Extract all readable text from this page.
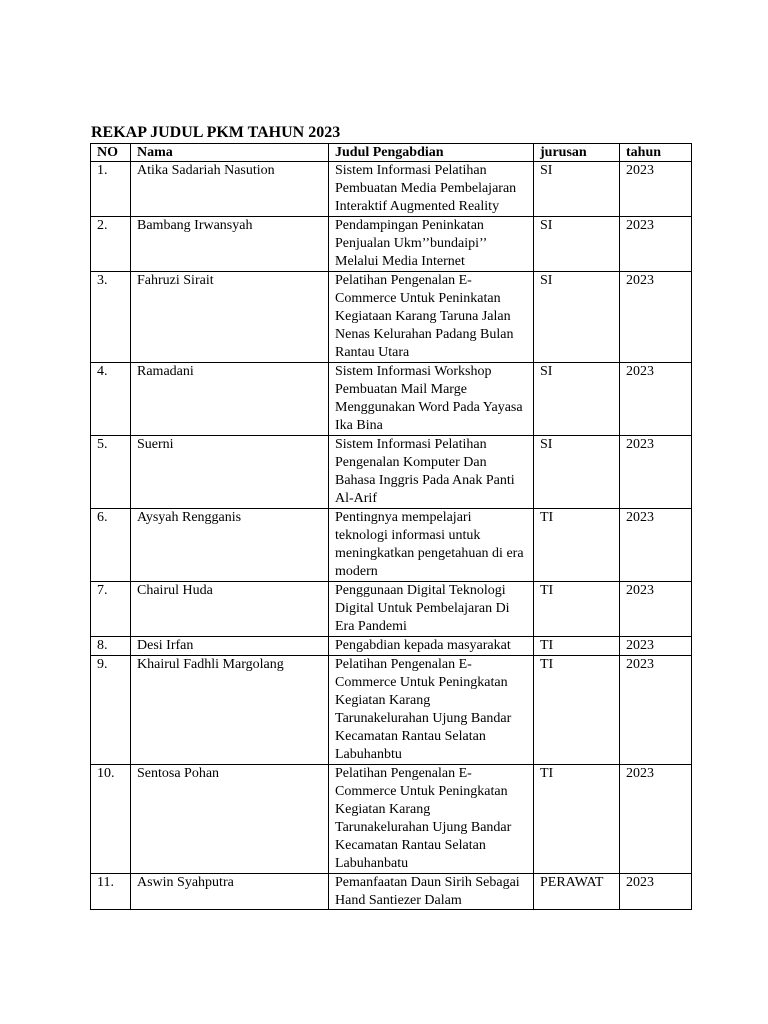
REKAP JUDUL PKM TAHUN 2023
NO	Nama	Judul Pengabdian	jurusan	tahun

1.	Atika Sadariah Nasution	Sistem Informasi Pelatihan Pembuatan Media Pembelajaran Interaktif Augmented Reality	SI	2023

2.	Bambang Irwansyah	Pendampingan Peninkatan Penjualan Ukm’’bundaipi’’ Melalui Media Internet	SI	2023

3.	Fahruzi Sirait	Pelatihan Pengenalan E-Commerce Untuk Peninkatan Kegiataan Karang Taruna Jalan Nenas Kelurahan Padang Bulan Rantau Utara	SI	2023

4.	Ramadani	Sistem Informasi Workshop Pembuatan Mail Marge Menggunakan Word Pada Yayasa Ika Bina	SI	2023

5.	Suerni	Sistem Informasi Pelatihan Pengenalan Komputer Dan Bahasa Inggris Pada Anak Panti Al-Arif	SI	2023

6.	Aysyah Rengganis	Pentingnya mempelajari teknologi informasi untuk meningkatkan pengetahuan di era modern	TI	2023

7.	Chairul Huda	Penggunaan Digital Teknologi Digital Untuk Pembelajaran Di Era Pandemi	TI	2023

8.	Desi Irfan	Pengabdian kepada masyarakat	TI	2023

9.	Khairul Fadhli Margolang	Pelatihan Pengenalan E-Commerce Untuk Peningkatan Kegiatan Karang Tarunakelurahan Ujung Bandar Kecamatan Rantau Selatan Labuhanbtu	TI	2023

10.	Sentosa Pohan	Pelatihan Pengenalan E-Commerce Untuk Peningkatan Kegiatan Karang Tarunakelurahan Ujung Bandar Kecamatan Rantau Selatan Labuhanbatu	TI	2023

11.	Aswin Syahputra	Pemanfaatan Daun Sirih Sebagai Hand Santiezer Dalam	PERAWAT	2023
